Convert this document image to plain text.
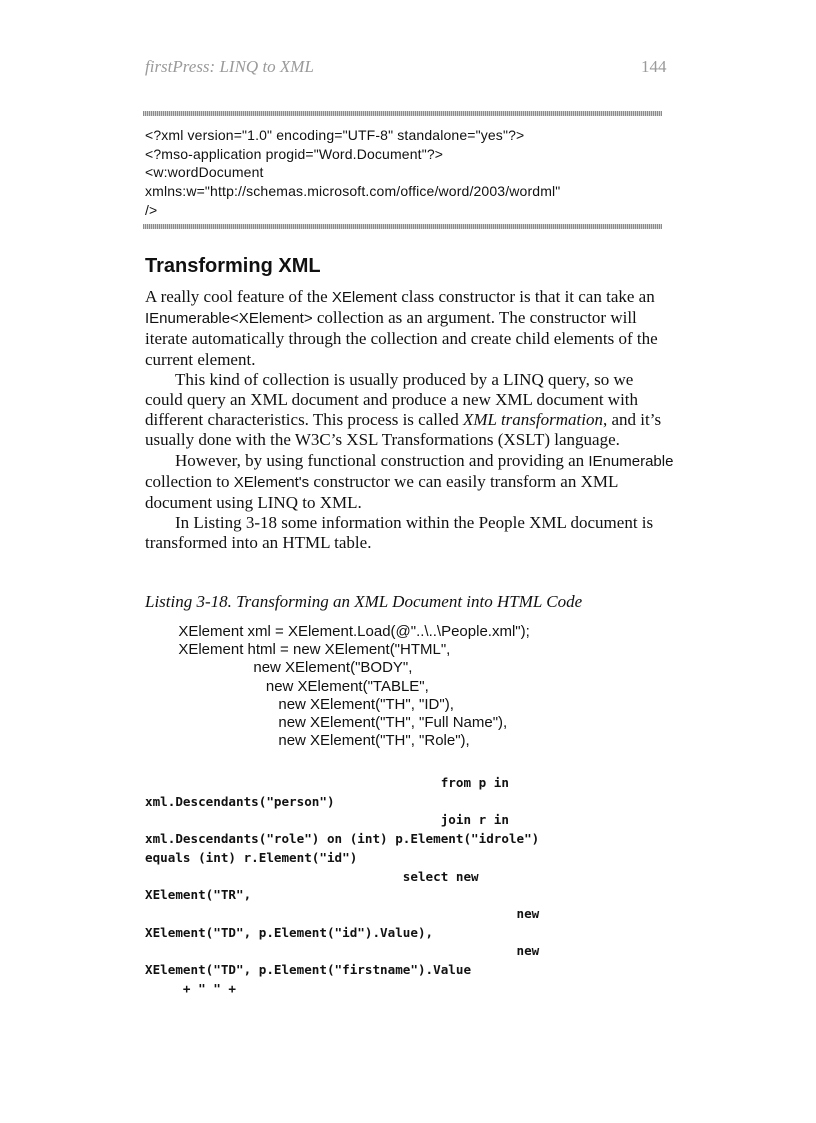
firstPress: LINQ to XML	144
<?xml version="1.0" encoding="UTF-8" standalone="yes"?>
<?mso-application progid="Word.Document"?>
<w:wordDocument
xmlns:w="http://schemas.microsoft.com/office/word/2003/wordml"
/>
Transforming XML

A really cool feature of the XElement class constructor is that it can take an IEnumerable<XElement> collection as an argument. The constructor will iterate automatically through the collection and create child elements of the current element.

This kind of collection is usually produced by a LINQ query, so we could query an XML document and produce a new XML document with different characteristics. This process is called XML transformation, and it’s usually done with the W3C’s XSL Transformations (XSLT) language.

However, by using functional construction and providing an IEnumerable collection to XElement's constructor we can easily transform an XML document using LINQ to XML.

In Listing 3-18 some information within the People XML document is transformed into an HTML table.

Listing 3-18. Transforming an XML Document into HTML Code
XElement xml = XElement.Load(@"..\..\People.xml");
XElement html = new XElement("HTML",
new XElement("BODY",
new XElement("TABLE",
new XElement("TH", "ID"),
new XElement("TH", "Full Name"),
new XElement("TH", "Role"),
from p in
xml.Descendants("person")
join r in
xml.Descendants("role") on (int) p.Element("idrole")
equals (int) r.Element("id")
select new
XElement("TR",
new
XElement("TD", p.Element("id").Value),
new
XElement("TD", p.Element("firstname").Value
+ " " +
